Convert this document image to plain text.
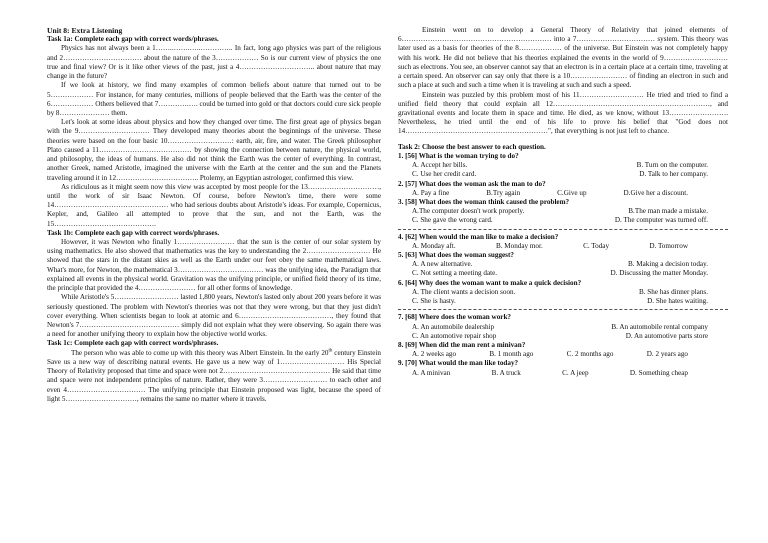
Unit 8: Extra Listening

Task 1a: Complete each gap with correct words/phrases.

Physics has not always been a 1……..…….…..………….. In fact, long ago physics was part of the religious and 2…………………………… about the nature of the 3……………… So is our current view of physics the one true and final view? Or is it like other views of the past, just a 4………………………….. about nature that may change in the future?

If we look at history, we find many examples of common beliefs about nature that turned out to be 5……………… For instance, for many centuries, millions of people believed that the Earth was the center of the 6……………… Others believed that 7………….…. could be turned into gold or that doctors could cure sick people by 8………………… them.

Let's look at some ideas about physics and how they changed over time. The first great age of physics began with the 9………………………… They developed many theories about the beginnings of the universe. These theories were based on the four basic 10………………………: earth, air, fire, and water. The Greek philosopher Plato caused a 11………………………………… by showing the connection between nature, the physical world, and philosophy, the ideas of humans. He also did not think the Earth was the center of everything. In contrast, another Greek, named Aristotle, imagined the universe with the Earth at the center and the sun and the Planets traveling around it in 12…………………………….. Ptolemy, an Egyptian astrologer, confirmed this view.

As ridiculous as it might seem now this view was accepted by most people for the 13…………………………, until the work of sir Isaac Newton. Of course, before Newton's time, there were some 14………………………………………… who had serious doubts about Aristotle's ideas. For example, Copernicus, Kepler, and, Galileo all attempted to prove that the sun, and not the Earth, was the 15…………………………………….

Task 1b: Complete each gap with correct words/phrases.

However, it was Newton who finally 1…………………… that the sun is the center of our solar system by using mathematics. He also showed that mathematics was the key to understanding the 2……………………… He showed that the stars in the distant skies as well as the Earth under our feet obey the same mathematical laws. What's more, for Newton, the mathematical 3……………………………… was the unifying idea, the Paradigm that explained all events in the physical world. Gravitation was the unifying principle, or unified field theory of its time, the principle that provided the 4…………………… for all other forms of knowledge.

While Aristotle's 5……………………… lasted 1,800 years, Newton's lasted only about 200 years before it was seriously questioned. The problem with Newton's theories was not that they were wrong, but that they just didn't cover everything. When scientists began to look at atomic and 6…………………………………, they found that Newton's 7…………………………………… simply did not explain what they were observing. So again there was a need for another unifying theory to explain how the objective world works.

Task 1c: Complete each gap with correct words/phrases.

The person who was able to come up with this theory was Albert Einstein. In the early 20th century Einstein Save us a new way of describing natural events. He gave us a new way of 1……………………… His Special Theory of Relativity proposed that time and space were not 2……………………………………… He said that time and space were not independent principles of nature. Rather, they were 3……………………… to each other and even 4…………………………… The unifying principle that Einstein proposed was light, because the speed of light 5…………………………, remains the same no matter where it travels.

Einstein went on to develop a General Theory of Relativity that joined elements of 6……………………………………………………… into a 7…………………………… system. This theory was later used as a basis for theories of the 8……………… of the universe. But Einstein was not completely happy with his work. He did not believe that his theories explained the events in the world of 9……………………… such as electrons. You see, an observer cannot say that an electron is in a certain place at a certain time, traveling at a certain speed. An observer can say only that there is a 10…………………… of finding an electron in such and such a place at such and such a time when it is traveling at such and such a speed.

Einstein was puzzled by this problem most of his 11……………………… He tried and tried to find a unified field theory that could explain all 12…………………………………………………………, and gravitational events and locate them in space and time. He died, as we know, without 13……………………. Nevertheless, he tried until the end of his life to prove his belief that "God does not 14……………………………………………………", that everything is not just left to chance.

Task 2: Choose the best answer to each question.

1. [56] What is the woman trying to do?

A. Accept her bills.	B. Turn on the computer.
C. Use her credit card.	D. Talk to her company.

2. [57] What does the woman ask the man to do?

A. Pay a fine	B.Try again	C.Give up	D.Give her a discount.

3. [58] What does the woman think caused the problem?

A.The computer doesn't work properly.	B.The man made a mistake.
C. She gave the wrong card.	D. The computer was turned off.

4. [62] When would the man like to make a decision?

A. Monday aft.	B. Monday mor.	C. Today	D. Tomorrow

5. [63] What does the woman suggest?

A. A new alternative.	B. Making a decision today.
C. Not setting a meeting date.	D. Discussing the matter Monday.

6. [64] Why does the woman want to make a quick decision?

A. The client wants a decision soon.	B. She has dinner plans.
C. She is hasty.	D. She hates waiting.

7. [68] Where does the woman work?

A. An automobile dealership	B. An automobile rental company
C. An automotive repair shop	D. An automotive parts store

8. [69] When did the man rent a minivan?

A. 2 weeks ago	B. 1 month ago	C. 2 months ago	D. 2 years ago

9. [70] What would the man like today?

A. A minivan	B. A truck	C. A jeep	D. Something cheap
